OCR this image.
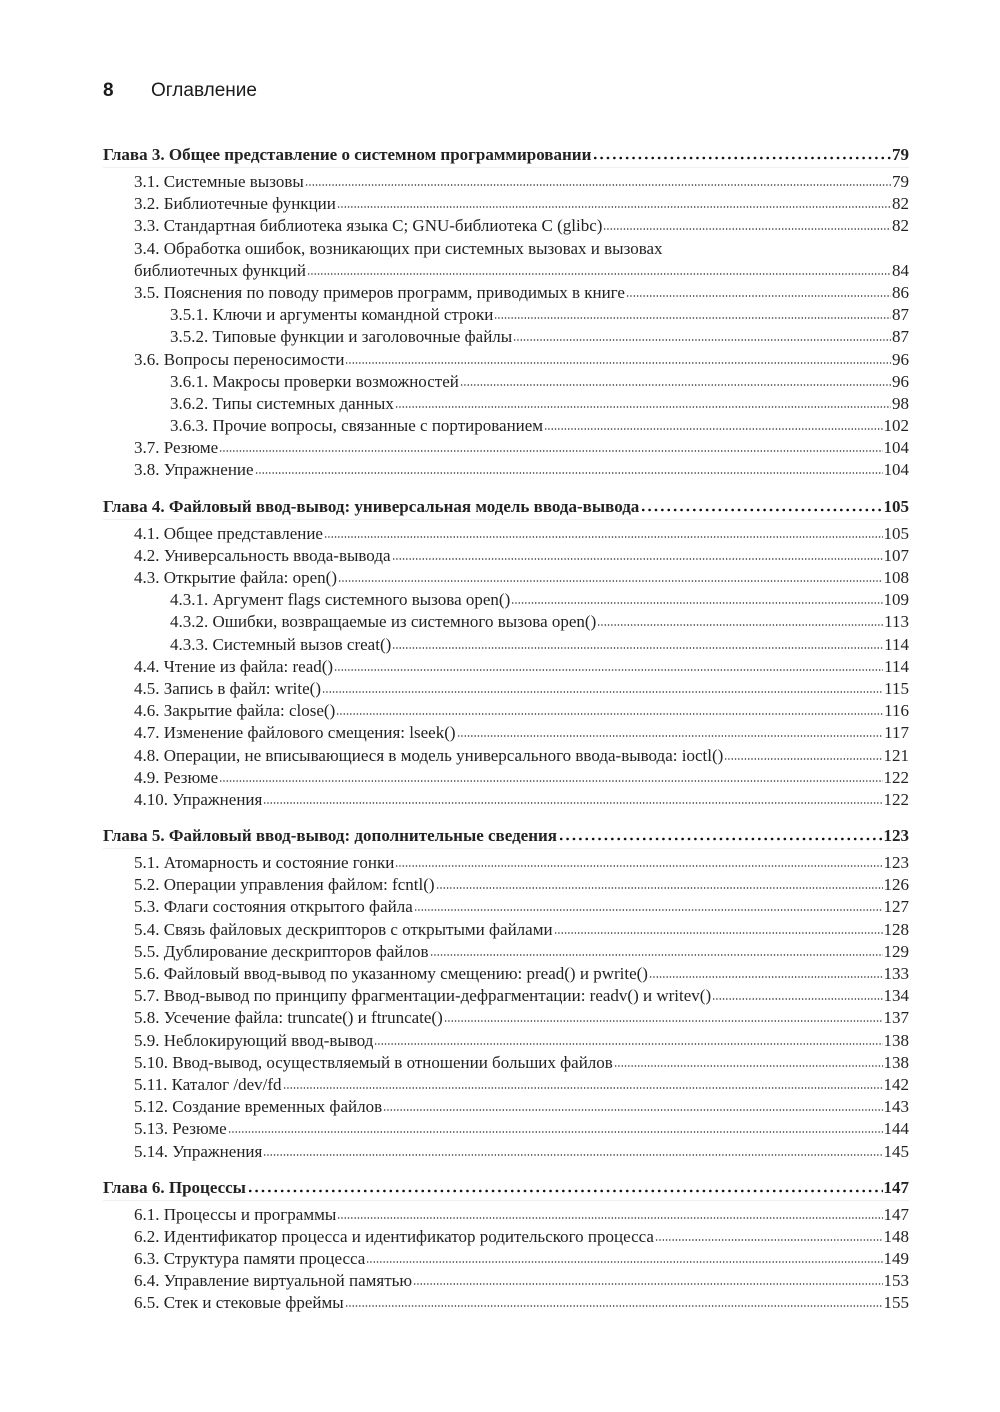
8 Оглавление
Глава 3. Общее представление о системном программировании	79
3.1. Системные вызовы	79
3.2. Библиотечные функции	82
3.3. Стандартная библиотека языка С; GNU-библиотека С (glibc)	82
3.4. Обработка ошибок, возникающих при системных вызовах и вызовах
библиотечных функций	84
3.5. Пояснения по поводу примеров программ, приводимых в книге	86
3.5.1. Ключи и аргументы командной строки	87
3.5.2. Типовые функции и заголовочные файлы	87
3.6. Вопросы переносимости	96
3.6.1. Макросы проверки возможностей	96
3.6.2. Типы системных данных	98
3.6.3. Прочие вопросы, связанные с портированием	102
3.7. Резюме	104
3.8. Упражнение	104
Глава 4. Файловый ввод-вывод: универсальная модель ввода-вывода	105
4.1. Общее представление	105
4.2. Универсальность ввода-вывода	107
4.3. Открытие файла: open()	108
4.3.1. Аргумент flags системного вызова open()	109
4.3.2. Ошибки, возвращаемые из системного вызова open()	113
4.3.3. Системный вызов creat()	114
4.4. Чтение из файла: read()	114
4.5. Запись в файл: write()	115
4.6. Закрытие файла: close()	116
4.7. Изменение файлового смещения: lseek()	117
4.8. Операции, не вписывающиеся в модель универсального ввода-вывода: ioctl()	121
4.9. Резюме	122
4.10. Упражнения	122
Глава 5. Файловый ввод-вывод: дополнительные сведения	123
5.1. Атомарность и состояние гонки	123
5.2. Операции управления файлом: fcntl()	126
5.3. Флаги состояния открытого файла	127
5.4. Связь файловых дескрипторов с открытыми файлами	128
5.5. Дублирование дескрипторов файлов	129
5.6. Файловый ввод-вывод по указанному смещению: pread() и pwrite()	133
5.7. Ввод-вывод по принципу фрагментации-дефрагментации: readv() и writev()	134
5.8. Усечение файла: truncate() и ftruncate()	137
5.9. Неблокирующий ввод-вывод	138
5.10. Ввод-вывод, осуществляемый в отношении больших файлов	138
5.11. Каталог /dev/fd	142
5.12. Создание временных файлов	143
5.13. Резюме	144
5.14. Упражнения	145
Глава 6. Процессы	147
6.1. Процессы и программы	147
6.2. Идентификатор процесса и идентификатор родительского процесса	148
6.3. Структура памяти процесса	149
6.4. Управление виртуальной памятью	153
6.5. Стек и стековые фреймы	155
